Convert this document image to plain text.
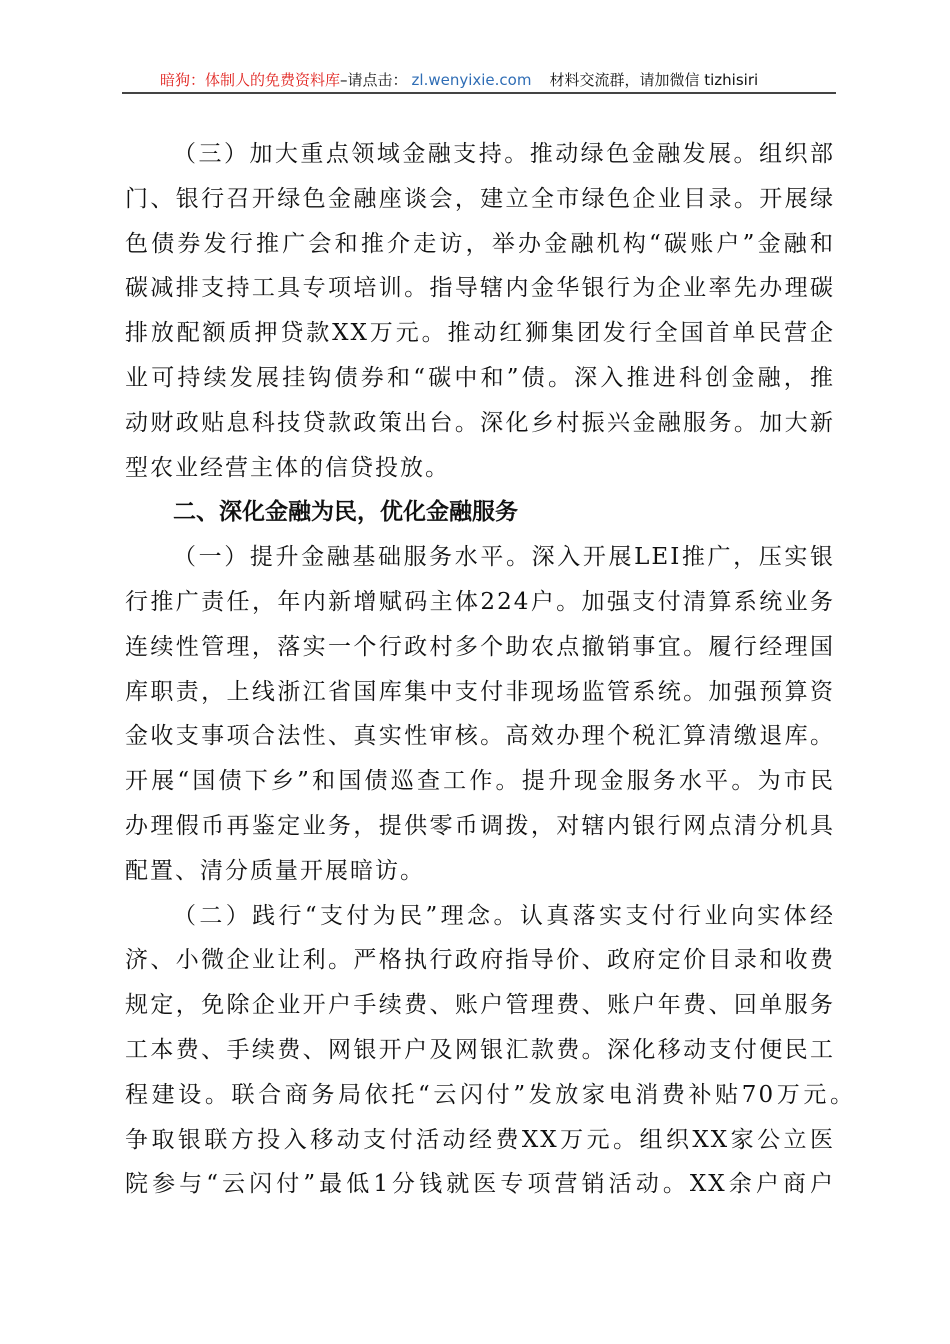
暗狗：体制人的免费资料库–请点击： zl.wenyixie.com 材料交流群，请加微信 tizhisiri
（三）加大重点领域金融支持。推动绿色金融发展。组织部
门、银行召开绿色金融座谈会，建立全市绿色企业目录。开展绿
色债券发行推广会和推介走访，举办金融机构“碳账户”金融和
碳减排支持工具专项培训。指导辖内金华银行为企业率先办理碳
排放配额质押贷款XX万元。推动红狮集团发行全国首单民营企
业可持续发展挂钩债券和“碳中和”债。深入推进科创金融，推
动财政贴息科技贷款政策出台。深化乡村振兴金融服务。加大新
型农业经营主体的信贷投放。
二、深化金融为民，优化金融服务
（一）提升金融基础服务水平。深入开展LEI推广，压实银
行推广责任，年内新增赋码主体224户。加强支付清算系统业务
连续性管理，落实一个行政村多个助农点撤销事宜。履行经理国
库职责，上线浙江省国库集中支付非现场监管系统。加强预算资
金收支事项合法性、真实性审核。高效办理个税汇算清缴退库。
开展“国债下乡”和国债巡查工作。提升现金服务水平。为市民
办理假币再鉴定业务，提供零币调拨，对辖内银行网点清分机具
配置、清分质量开展暗访。
（二）践行“支付为民”理念。认真落实支付行业向实体经
济、小微企业让利。严格执行政府指导价、政府定价目录和收费
规定，免除企业开户手续费、账户管理费、账户年费、回单服务
工本费、手续费、网银开户及网银汇款费。深化移动支付便民工
程建设。联合商务局依托“云闪付”发放家电消费补贴70万元。
争取银联方投入移动支付活动经费XX万元。组织XX家公立医
院参与“云闪付”最低1分钱就医专项营销活动。XX余户商户
